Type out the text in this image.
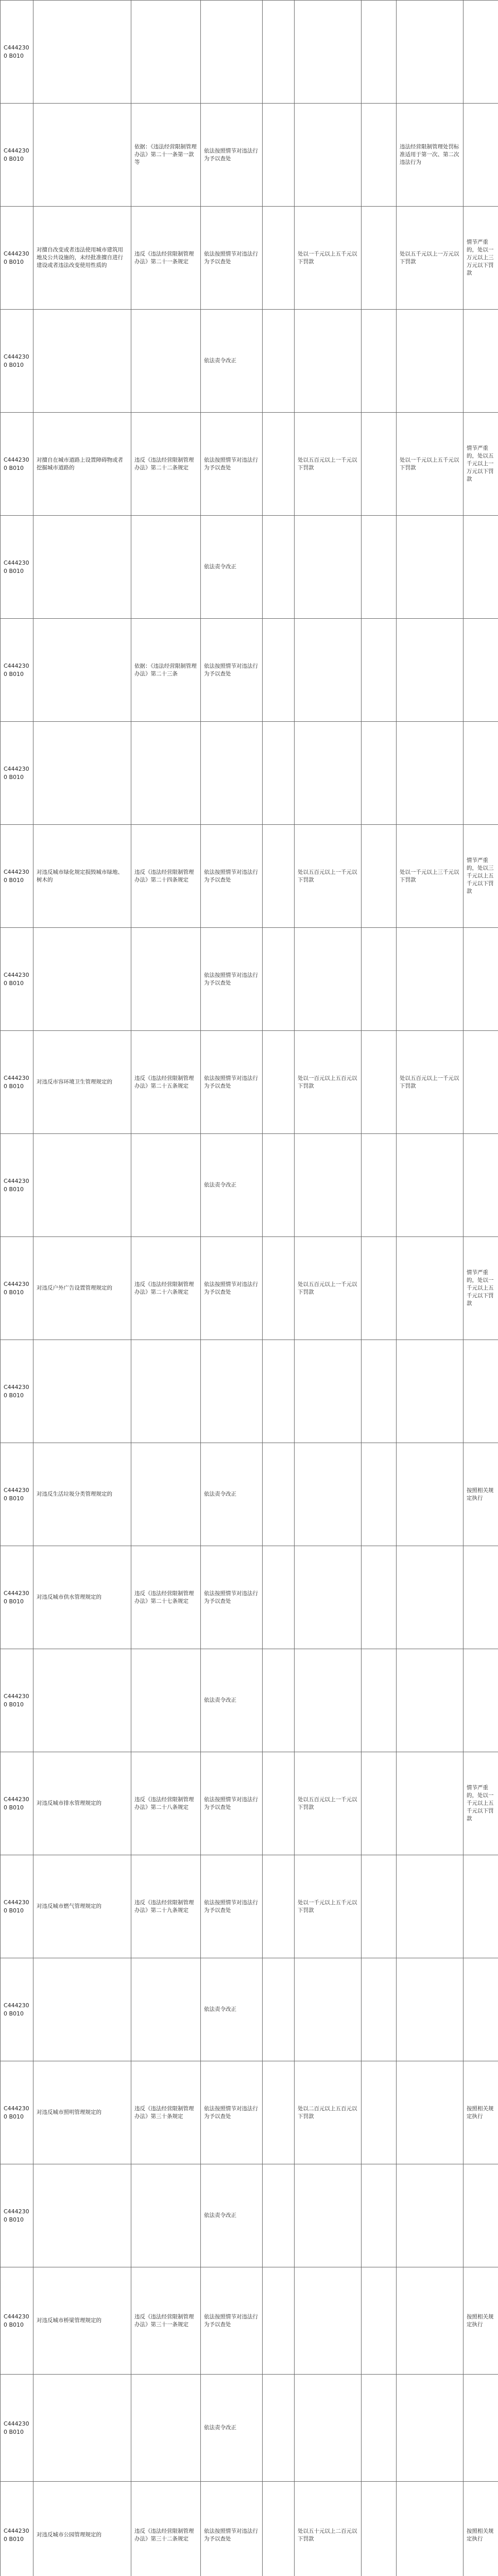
C4442300 B010								
C4442300 B010		依据：《违法经营限制管理办法》第二十一条第一款等	依法按照情节对违法行为予以查处				违法经营限制管理处罚标准适用于第一次、第二次违法行为	
C4442300 B010	对擅自改变或者违法使用城市建筑用地及公共设施的，未经批准擅自进行建设或者违法改变使用性质的	违反《违法经营限制管理办法》第二十一条规定	依法按照情节对违法行为予以查处		处以一千元以上五千元以下罚款		处以五千元以上一万元以下罚款	情节严重的，处以一万元以上三万元以下罚款
C4442300 B010			依法责令改正					
C4442300 B010	对擅自在城市道路上设置障碍物或者挖掘城市道路的	违反《违法经营限制管理办法》第二十二条规定	依法按照情节对违法行为予以查处		处以五百元以上一千元以下罚款		处以一千元以上五千元以下罚款	情节严重的，处以五千元以上一万元以下罚款
C4442300 B010			依法责令改正					
C4442300 B010		依据：《违法经营限制管理办法》第二十三条	依法按照情节对违法行为予以查处					
C4442300 B010								
C4442300 B010	对违反城市绿化规定损毁城市绿地、树木的	违反《违法经营限制管理办法》第二十四条规定	依法按照情节对违法行为予以查处		处以五百元以上一千元以下罚款		处以一千元以上三千元以下罚款	情节严重的，处以三千元以上五千元以下罚款
C4442300 B010			依法按照情节对违法行为予以查处					
C4442300 B010	对违反市容环境卫生管理规定的	违反《违法经营限制管理办法》第二十五条规定	依法按照情节对违法行为予以查处		处以一百元以上五百元以下罚款		处以五百元以上一千元以下罚款	
C4442300 B010			依法责令改正					
C4442300 B010	对违反户外广告设置管理规定的	违反《违法经营限制管理办法》第二十六条规定	依法按照情节对违法行为予以查处		处以五百元以上一千元以下罚款			情节严重的，处以一千元以上五千元以下罚款
C4442300 B010								
C4442300 B010	对违反生活垃圾分类管理规定的		依法责令改正					按照相关规定执行
C4442300 B010	对违反城市供水管理规定的	违反《违法经营限制管理办法》第二十七条规定	依法按照情节对违法行为予以查处					
C4442300 B010			依法责令改正					
C4442300 B010	对违反城市排水管理规定的	违反《违法经营限制管理办法》第二十八条规定	依法按照情节对违法行为予以查处		处以五百元以上一千元以下罚款			情节严重的，处以一千元以上五千元以下罚款
C4442300 B010	对违反城市燃气管理规定的	违反《违法经营限制管理办法》第二十九条规定	依法按照情节对违法行为予以查处		处以一千元以上五千元以下罚款			
C4442300 B010			依法责令改正					
C4442300 B010	对违反城市照明管理规定的	违反《违法经营限制管理办法》第三十条规定	依法按照情节对违法行为予以查处		处以二百元以上五百元以下罚款			按照相关规定执行
C4442300 B010			依法责令改正					
C4442300 B010	对违反城市桥梁管理规定的	违反《违法经营限制管理办法》第三十一条规定	依法按照情节对违法行为予以查处					按照相关规定执行
C4442300 B010			依法责令改正					
C4442300 B010	对违反城市公园管理规定的	违反《违法经营限制管理办法》第三十二条规定	依法按照情节对违法行为予以查处		处以五十元以上二百元以下罚款			按照相关规定执行
